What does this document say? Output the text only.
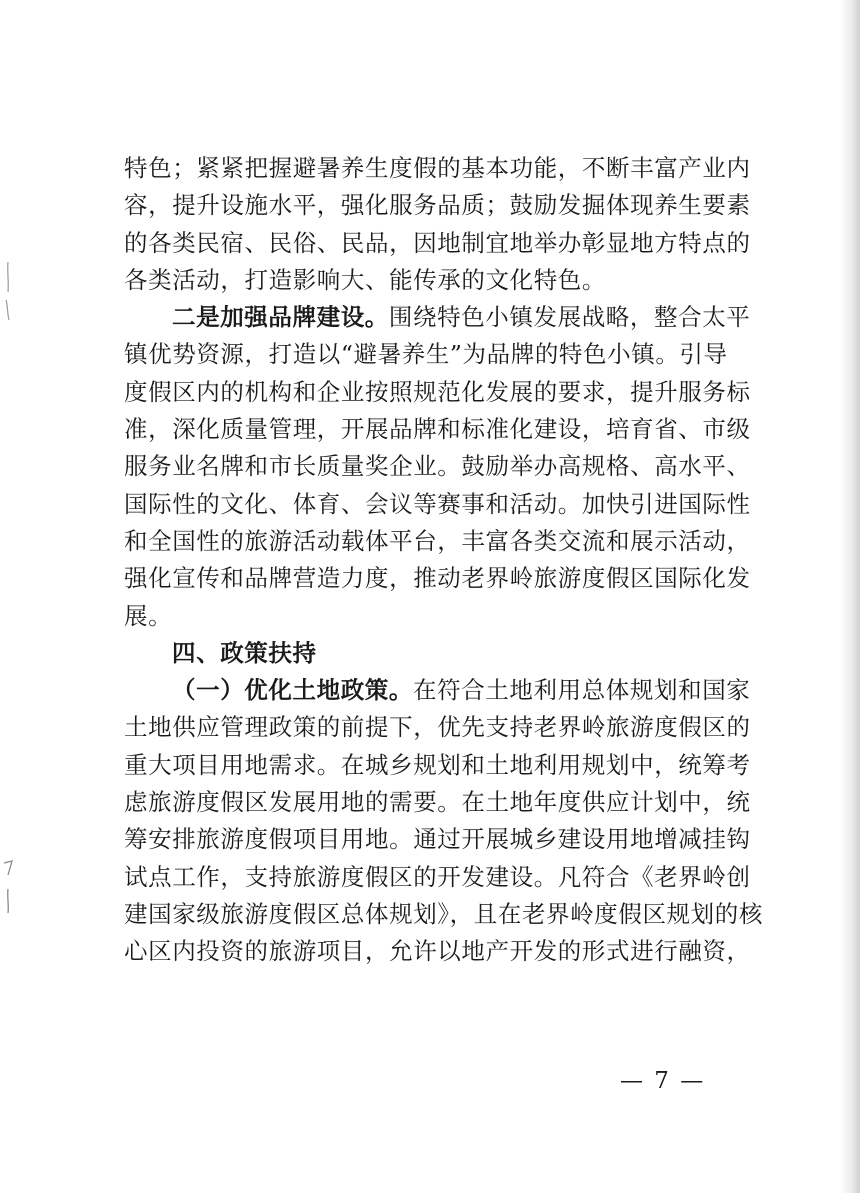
特色；紧紧把握避暑养生度假的基本功能，不断丰富产业内
容，提升设施水平，强化服务品质；鼓励发掘体现养生要素
的各类民宿、民俗、民品，因地制宜地举办彰显地方特点的
各类活动，打造影响大、能传承的文化特色。
二是加强品牌建设。围绕特色小镇发展战略，整合太平
镇优势资源，打造以“避暑养生”为品牌的特色小镇。引导
度假区内的机构和企业按照规范化发展的要求，提升服务标
准，深化质量管理，开展品牌和标准化建设，培育省、市级
服务业名牌和市长质量奖企业。鼓励举办高规格、高水平、
国际性的文化、体育、会议等赛事和活动。加快引进国际性
和全国性的旅游活动载体平台，丰富各类交流和展示活动，
强化宣传和品牌营造力度，推动老界岭旅游度假区国际化发
展。
四、政策扶持
（一）优化土地政策。在符合土地利用总体规划和国家
土地供应管理政策的前提下，优先支持老界岭旅游度假区的
重大项目用地需求。在城乡规划和土地利用规划中，统筹考
虑旅游度假区发展用地的需要。在土地年度供应计划中，统
筹安排旅游度假项目用地。通过开展城乡建设用地增减挂钩
试点工作，支持旅游度假区的开发建设。凡符合《老界岭创
建国家级旅游度假区总体规划》，且在老界岭度假区规划的核
心区内投资的旅游项目，允许以地产开发的形式进行融资，
— 7 —
